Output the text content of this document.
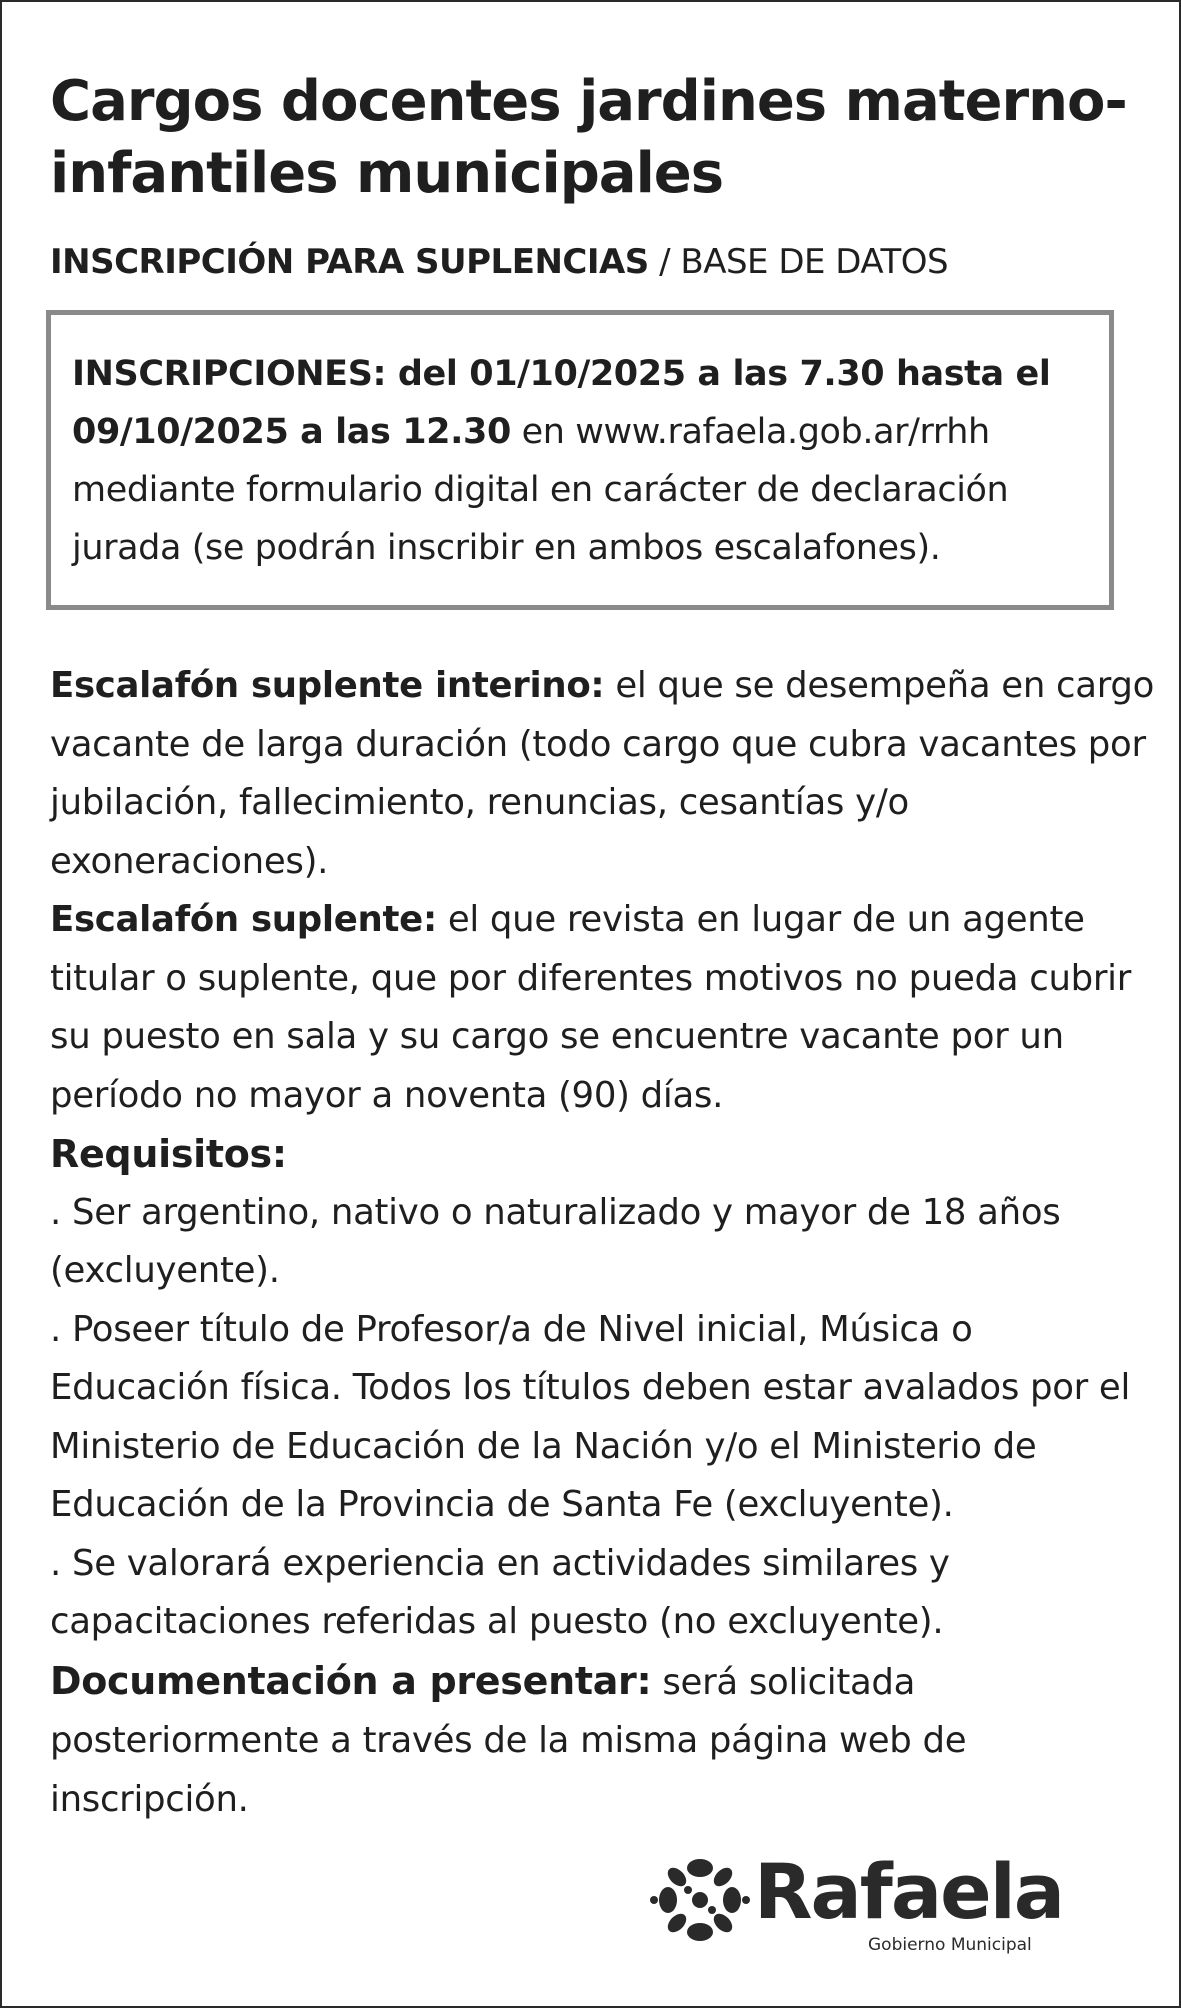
Cargos docentes jardines materno-infantiles municipales
INSCRIPCIÓN PARA SUPLENCIAS / BASE DE DATOS

INSCRIPCIONES: del 01/10/2025 a las 7.30 hasta el 09/10/2025 a las 12.30 en www.rafaela.gob.ar/rrhh mediante formulario digital en carácter de declaración jurada (se podrán inscribir en ambos escalafones).

Escalafón suplente interino: el que se desempeña en cargo vacante de larga duración (todo cargo que cubra vacantes por jubilación, fallecimiento, renuncias, cesantías y/o exoneraciones).

Escalafón suplente: el que revista en lugar de un agente titular o suplente, que por diferentes motivos no pueda cubrir su puesto en sala y su cargo se encuentre vacante por un período no mayor a noventa (90) días.

Requisitos:

. Ser argentino, nativo o naturalizado y mayor de 18 años (excluyente).

. Poseer título de Profesor/a de Nivel inicial, Música o Educación física. Todos los títulos deben estar avalados por el Ministerio de Educación de la Nación y/o el Ministerio de Educación de la Provincia de Santa Fe (excluyente).

. Se valorará experiencia en actividades similares y capacitaciones referidas al puesto (no excluyente).

Documentación a presentar: será solicitada posteriormente a través de la misma página web de inscripción.

Rafaela
Gobierno Municipal
